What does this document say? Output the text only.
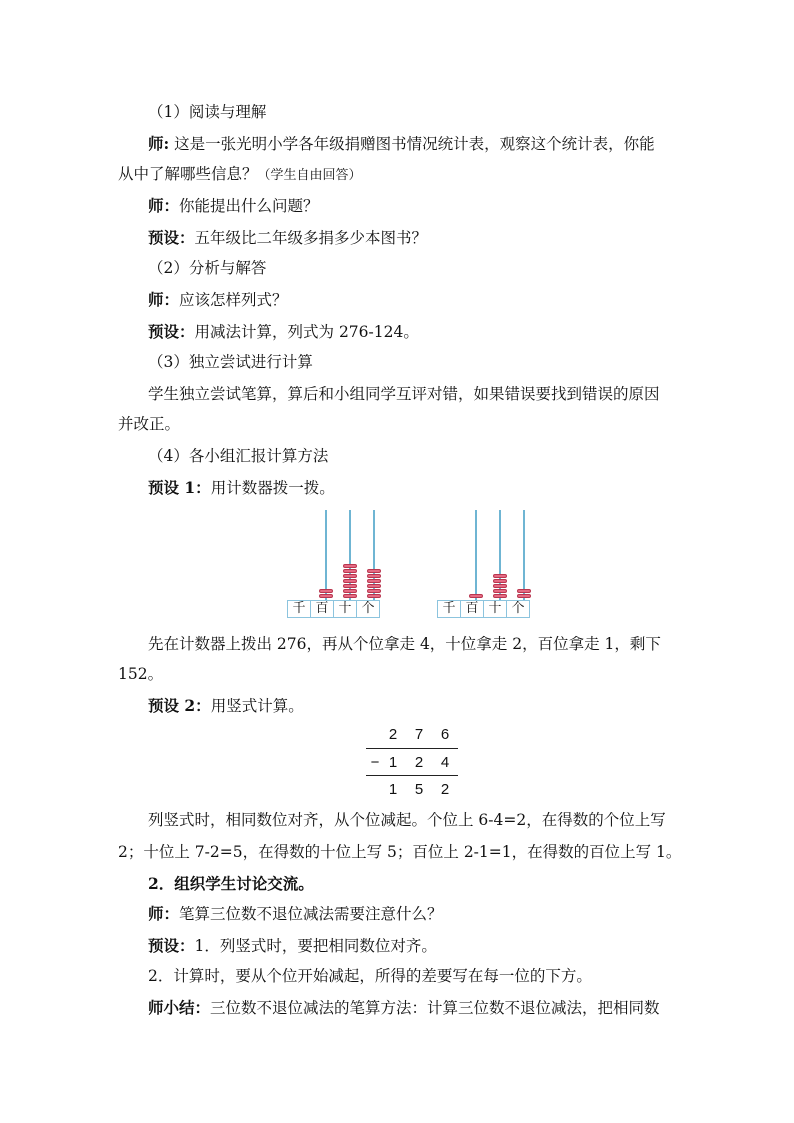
（1）阅读与理解
师: 这是一张光明小学各年级捐赠图书情况统计表，观察这个统计表，你能
从中了解哪些信息？（学生自由回答）
师：你能提出什么问题？
预设：五年级比二年级多捐多少本图书？
（2）分析与解答
师：应该怎样列式？
预设：用减法计算，列式为 276-124。
（3）独立尝试进行计算
学生独立尝试笔算，算后和小组同学互评对错，如果错误要找到错误的原因
并改正。
（4）各小组汇报计算方法
预设 1：用计数器拨一拨。
千 百 十 个	千 百 十 个
先在计数器上拨出 276，再从个位拿走 4，十位拿走 2，百位拿走 1，剩下
152。
预设 2：用竖式计算。
2	7	6
− 1	2	4
1	5	2
列竖式时，相同数位对齐，从个位减起。个位上 6-4=2，在得数的个位上写
2；十位上 7-2=5，在得数的十位上写 5；百位上 2-1=1，在得数的百位上写 1。
2．组织学生讨论交流。
师：笔算三位数不退位减法需要注意什么？
预设：1．列竖式时，要把相同数位对齐。
2．计算时，要从个位开始减起，所得的差要写在每一位的下方。
师小结：三位数不退位减法的笔算方法：计算三位数不退位减法，把相同数
